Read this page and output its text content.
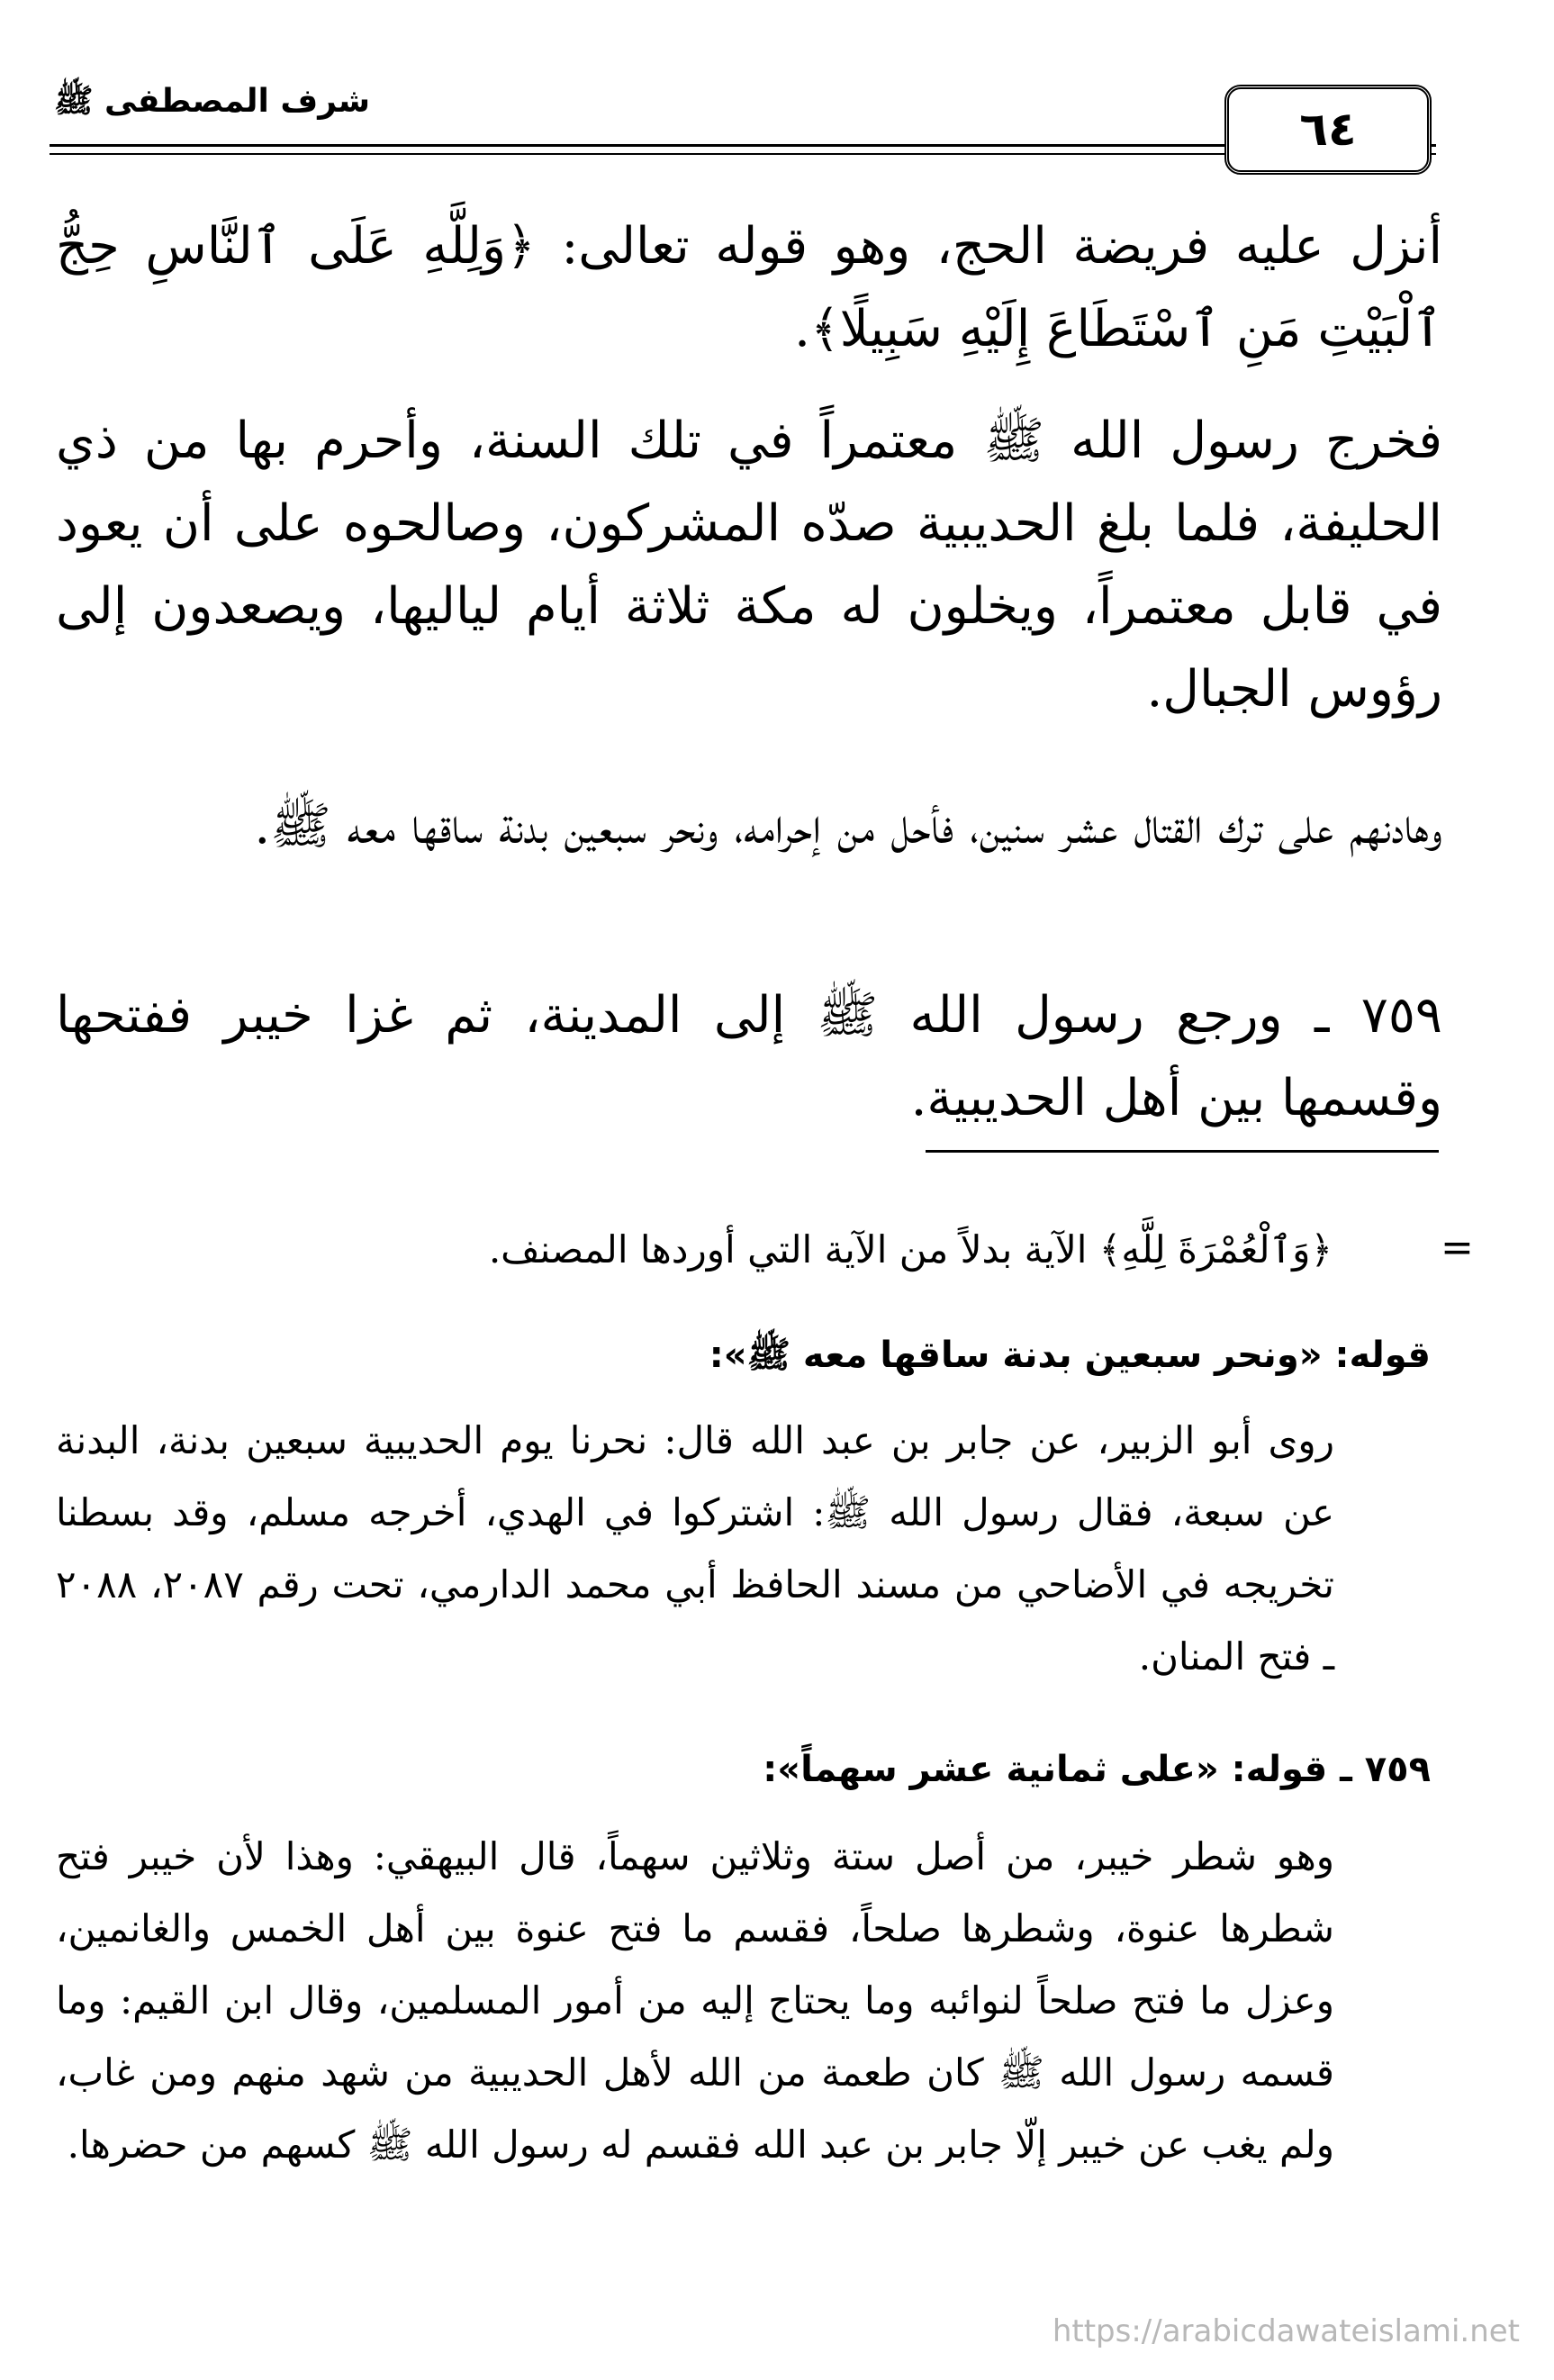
شرف المصطفى ﷺ
٦٤
أنزل عليه فريضة الحج، وهو قوله تعالى: ﴿وَلِلَّهِ عَلَى ٱلنَّاسِ حِجُّ ٱلْبَيْتِ مَنِ ٱسْتَطَاعَ إِلَيْهِ سَبِيلًا﴾.
فخرج رسول الله ﷺ معتمراً في تلك السنة، وأحرم بها من ذي الحليفة، فلما بلغ الحديبية صدّه المشركون، وصالحوه على أن يعود في قابل معتمراً، ويخلون له مكة ثلاثة أيام لياليها، ويصعدون إلى رؤوس الجبال.
وهادنهم على ترك القتال عشر سنين، فأحل من إحرامه، ونحر سبعين بدنة ساقها معه ﷺ.
٧٥٩ ـ ورجع رسول الله ﷺ إلى المدينة، ثم غزا خيبر ففتحها وقسمها بين أهل الحديبية.
=
﴿وَٱلْعُمْرَةَ لِلَّهِ﴾ الآية بدلاً من الآية التي أوردها المصنف.
قوله: «ونحر سبعين بدنة ساقها معه ﷺ»:
روى أبو الزبير، عن جابر بن عبد الله قال: نحرنا يوم الحديبية سبعين بدنة، البدنة عن سبعة، فقال رسول الله ﷺ: اشتركوا في الهدي، أخرجه مسلم، وقد بسطنا تخريجه في الأضاحي من مسند الحافظ أبي محمد الدارمي، تحت رقم ٢٠٨٧، ٢٠٨٨ ـ فتح المنان.
٧٥٩ ـ قوله: «على ثمانية عشر سهماً»:
وهو شطر خيبر، من أصل ستة وثلاثين سهماً، قال البيهقي: وهذا لأن خيبر فتح شطرها عنوة، وشطرها صلحاً، فقسم ما فتح عنوة بين أهل الخمس والغانمين، وعزل ما فتح صلحاً لنوائبه وما يحتاج إليه من أمور المسلمين، وقال ابن القيم: وما قسمه رسول الله ﷺ كان طعمة من الله لأهل الحديبية من شهد منهم ومن غاب، ولم يغب عن خيبر إلّا جابر بن عبد الله فقسم له رسول الله ﷺ كسهم من حضرها.
https://arabicdawateislami.net
